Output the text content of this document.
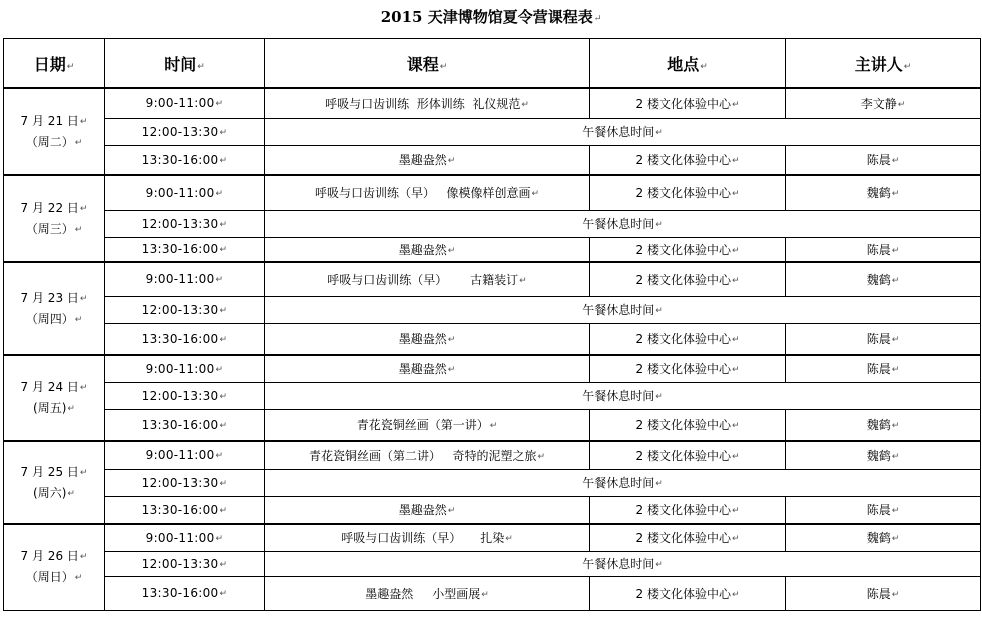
2015 天津博物馆夏令营课程表↵
日期↵	时间↵	课程↵	地点↵	主讲人↵

7 月 21 日↵
（周二）↵	9:00-11:00↵	呼吸与口齿训练  形体训练  礼仪规范↵	2 楼文化体验中心↵	李文静↵
	12:00-13:30↵	午餐休息时间↵		
	13:30-16:00↵	墨趣盎然↵	2 楼文化体验中心↵	陈晨↵

7 月 22 日↵
（周三）↵	9:00-11:00↵	呼吸与口齿训练（早）   像模像样创意画↵	2 楼文化体验中心↵	魏鹤↵
	12:00-13:30↵	午餐休息时间↵		
	13:30-16:00↵	墨趣盎然↵	2 楼文化体验中心↵	陈晨↵

7 月 23 日↵
（周四）↵	9:00-11:00↵	呼吸与口齿训练（早）      古籍装订↵	2 楼文化体验中心↵	魏鹤↵
	12:00-13:30↵	午餐休息时间↵		
	13:30-16:00↵	墨趣盎然↵	2 楼文化体验中心↵	陈晨↵

7 月 24 日↵
(周五)↵	9:00-11:00↵	墨趣盎然↵	2 楼文化体验中心↵	陈晨↵
	12:00-13:30↵	午餐休息时间↵		
	13:30-16:00↵	青花瓷铜丝画（第一讲）↵	2 楼文化体验中心↵	魏鹤↵

7 月 25 日↵
(周六)↵	9:00-11:00↵	青花瓷铜丝画（第二讲）   奇特的泥塑之旅↵	2 楼文化体验中心↵	魏鹤↵
	12:00-13:30↵	午餐休息时间↵		
	13:30-16:00↵	墨趣盎然↵	2 楼文化体验中心↵	陈晨↵

7 月 26 日↵
（周日）↵	9:00-11:00↵	呼吸与口齿训练（早）     扎染↵	2 楼文化体验中心↵	魏鹤↵
	12:00-13:30↵	午餐休息时间↵		
	13:30-16:00↵	墨趣盎然     小型画展↵	2 楼文化体验中心↵	陈晨↵
